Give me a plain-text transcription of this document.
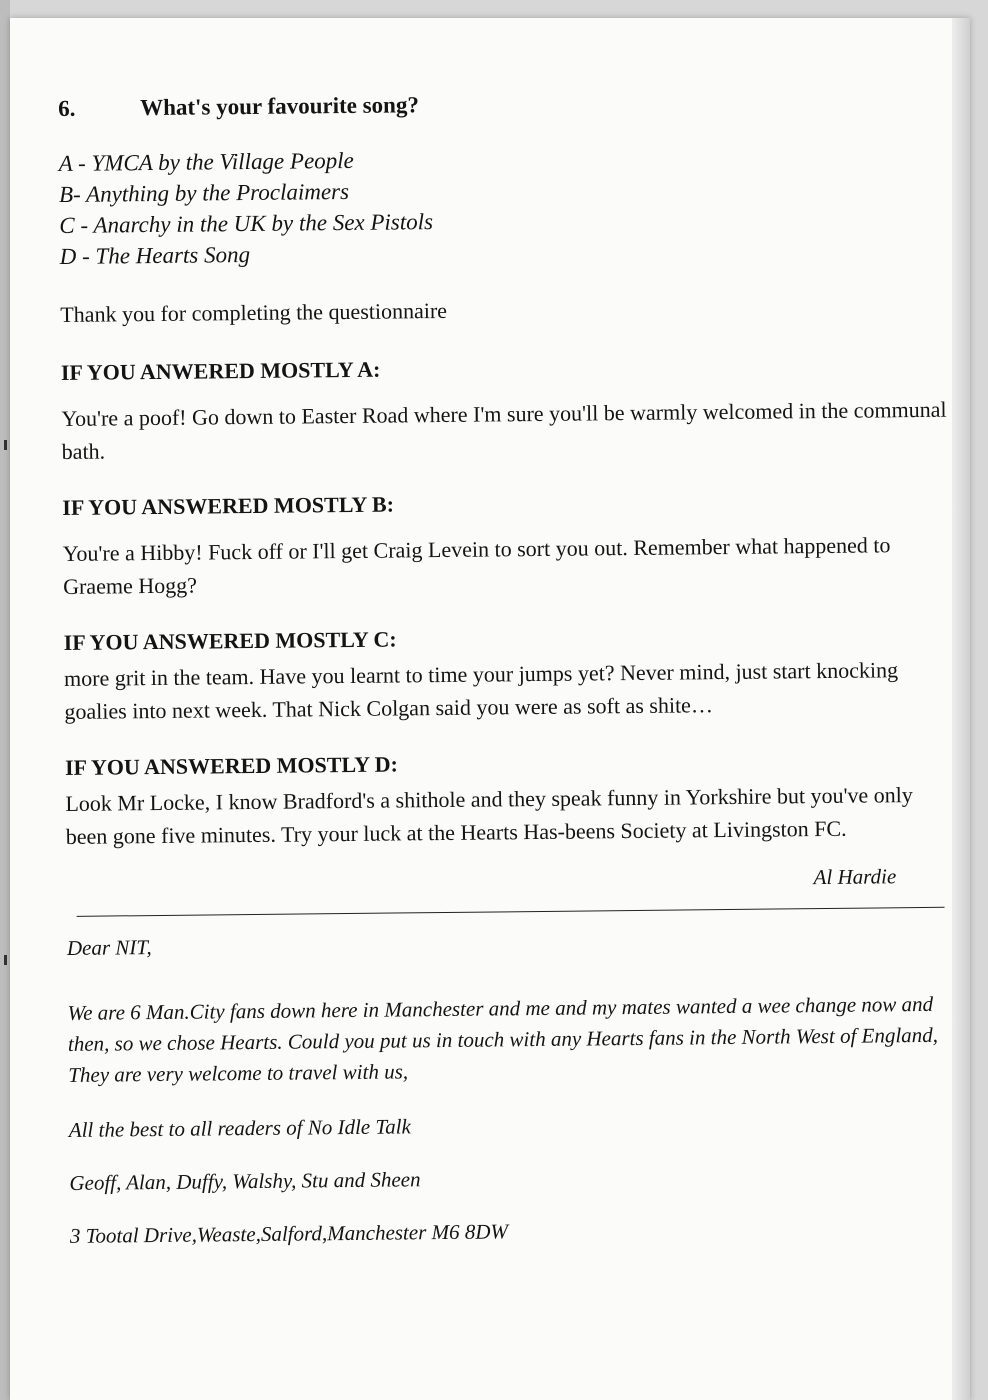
6.	What's your favourite song?
A - YMCA by the Village People
B- Anything by the Proclaimers
C - Anarchy in the UK by the Sex Pistols
D - The Hearts Song
Thank you for completing the questionnaire
IF YOU ANWERED MOSTLY A:
You're a poof! Go down to Easter Road where I'm sure you'll be warmly welcomed in the communal bath.
IF YOU ANSWERED MOSTLY B:
You're a Hibby! Fuck off or I'll get Craig Levein to sort you out. Remember what happened to Graeme Hogg?
IF YOU ANSWERED MOSTLY C:
more grit in the team. Have you learnt to time your jumps yet? Never mind, just start knocking goalies into next week. That Nick Colgan said you were as soft as shite…
IF YOU ANSWERED MOSTLY D:
Look Mr Locke, I know Bradford's a shithole and they speak funny in Yorkshire but you've only been gone five minutes. Try your luck at the Hearts Has-beens Society at Livingston FC.
Al Hardie

Dear NIT,

We are 6 Man.City fans down here in Manchester and me and my mates wanted a wee change now and then, so we chose Hearts. Could you put us in touch with any Hearts fans in the North West of England, They are very welcome to travel with us,

All the best to all readers of No Idle Talk

Geoff, Alan, Duffy, Walshy, Stu and Sheen

3 Tootal Drive,Weaste,Salford,Manchester M6 8DW
